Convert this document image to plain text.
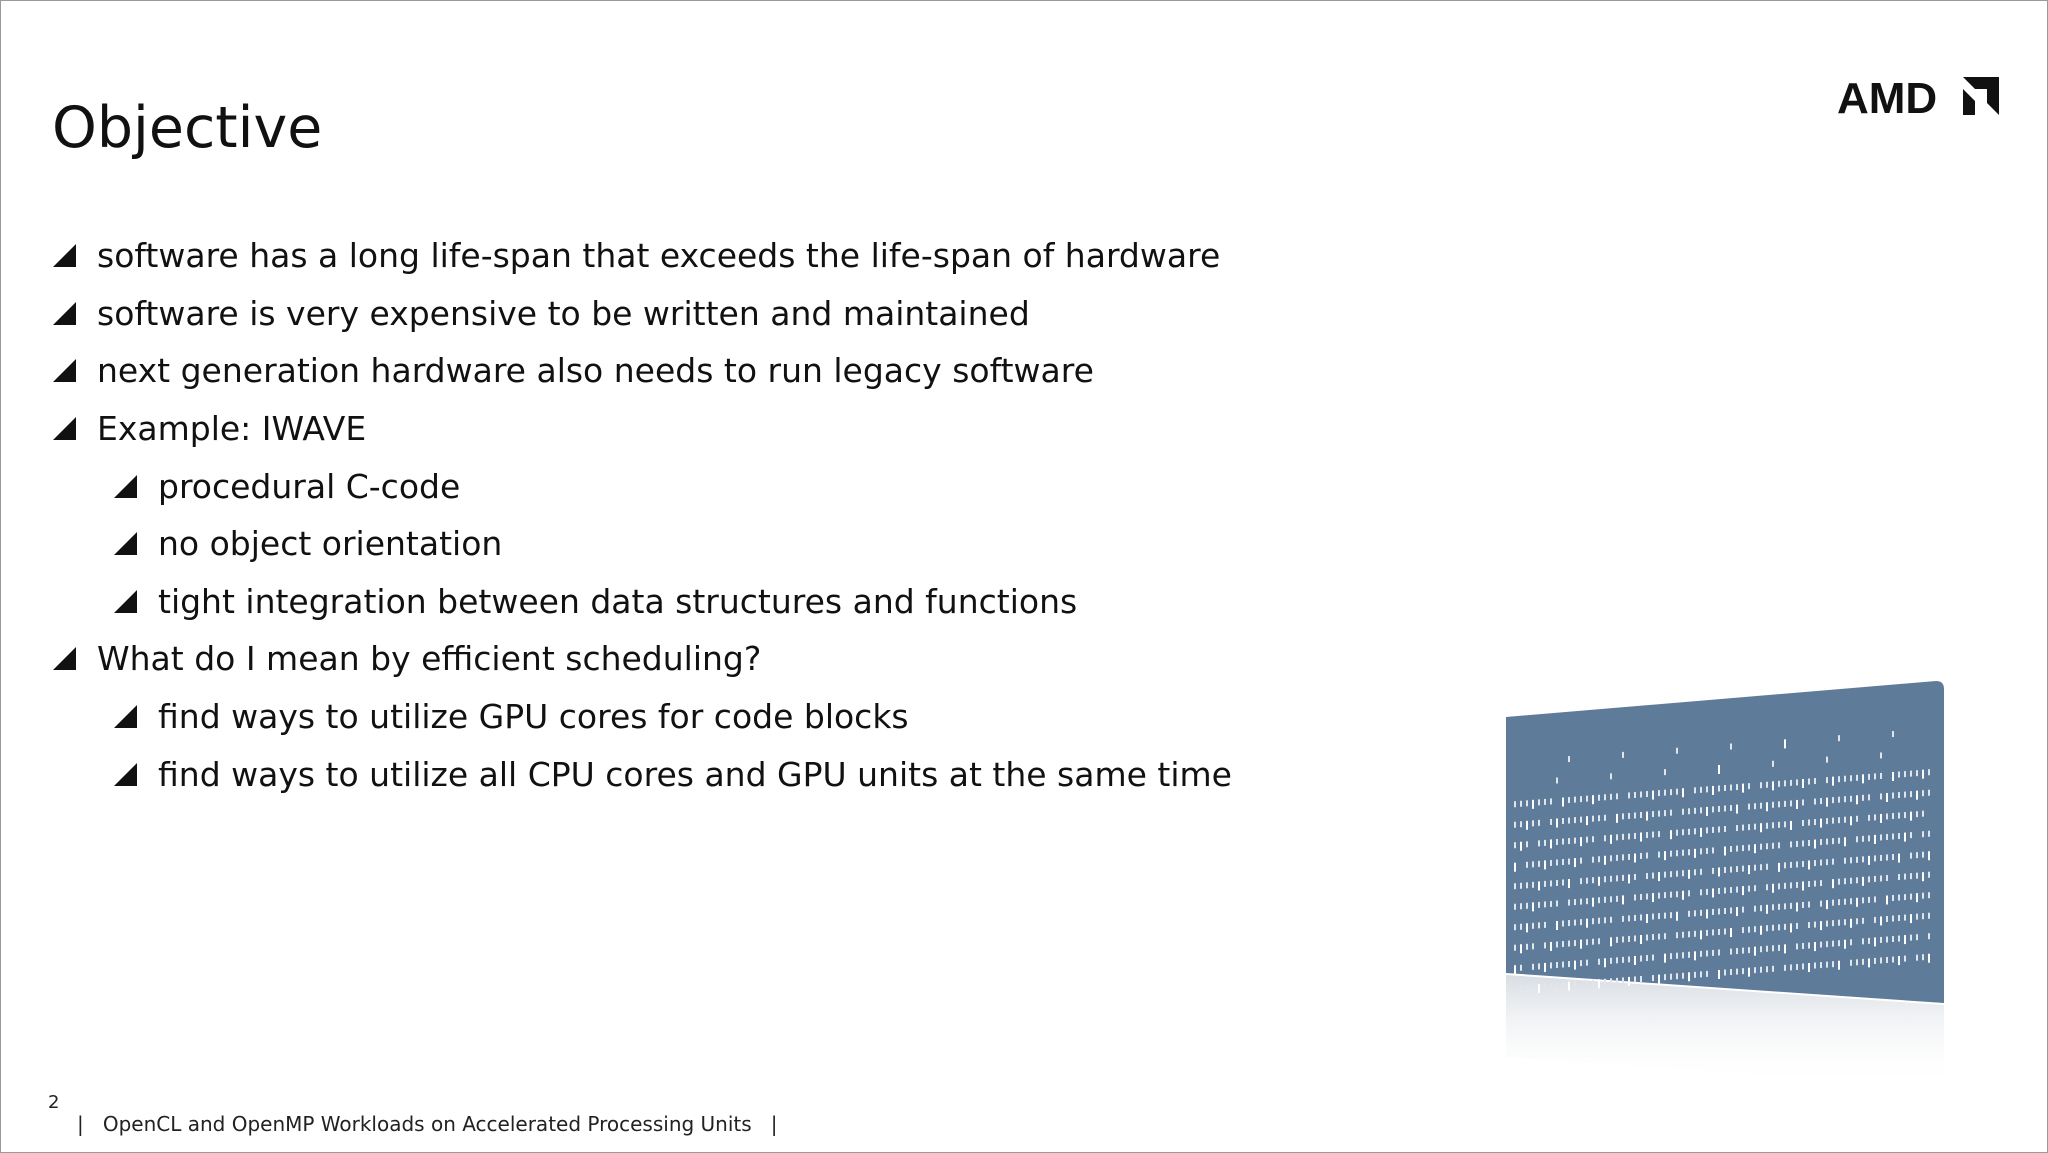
Objective	AMD
software has a long life-span that exceeds the life-span of hardware
software is very expensive to be written and maintained
next generation hardware also needs to run legacy software
Example: IWAVE
procedural C-code
no object orientation
tight integration between data structures and functions
What do I mean by efficient scheduling?
find ways to utilize GPU cores for code blocks
find ways to utilize all CPU cores and GPU units at the same time
2
| OpenCL and OpenMP Workloads on Accelerated Processing Units |
